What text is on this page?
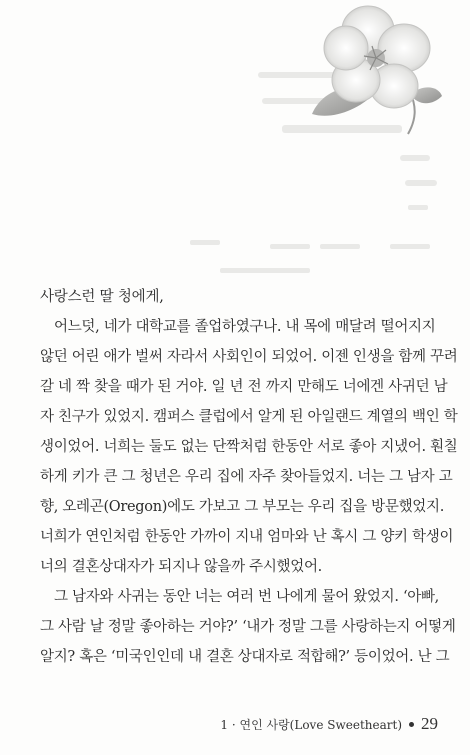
사랑스런 딸 청에게,

어느덧, 네가 대학교를 졸업하였구나. 내 목에 매달려 떨어지지
않던 어린 애가 벌써 자라서 사회인이 되었어. 이젠 인생을 함께 꾸려
갈 네 짝 찾을 때가 된 거야. 일 년 전 까지 만해도 너에겐 사귀던 남
자 친구가 있었지. 캠퍼스 클럽에서 알게 된 아일랜드 계열의 백인 학
생이었어. 너희는 둘도 없는 단짝처럼 한동안 서로 좋아 지냈어. 훤칠
하게 키가 큰 그 청년은 우리 집에 자주 찾아들었지. 너는 그 남자 고
향, 오레곤(Oregon)에도 가보고 그 부모는 우리 집을 방문했었지.
너희가 연인처럼 한동안 가까이 지내 엄마와 난 혹시 그 양키 학생이
너의 결혼상대자가 되지나 않을까 주시했었어.
그 남자와 사귀는 동안 너는 여러 번 나에게 물어 왔었지. ‘아빠,
그 사람 날 정말 좋아하는 거야?’ ‘내가 정말 그를 사랑하는지 어떻게
알지? 혹은 ‘미국인인데 내 결혼 상대자로 적합해?’ 등이었어. 난 그
1 · 연인 사랑(Love Sweetheart) 29
